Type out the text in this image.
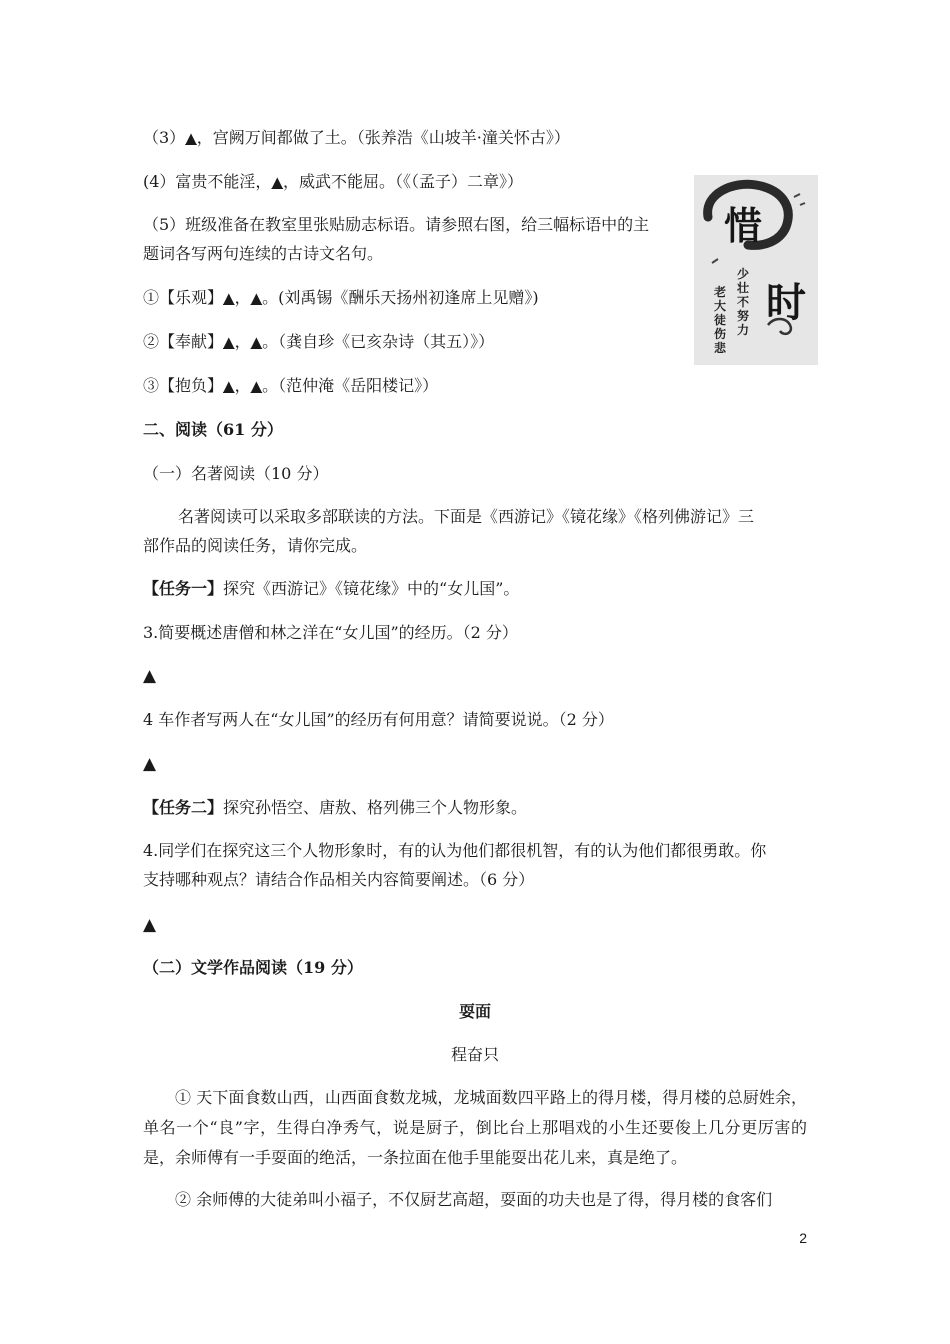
（3）▲，宫阙万间都做了土。（张养浩《山坡羊·潼关怀古》）
(4）富贵不能淫，▲，威武不能屈。（《（孟子）二章》）
（5）班级准备在教室里张贴励志标语。请参照右图，给三幅标语中的主
题词各写两句连续的古诗文名句。
①【乐观】▲，▲。(刘禹锡《酬乐天扬州初逢席上见赠》)
②【奉献】▲，▲。（龚自珍《已亥杂诗（其五）》）
③【抱负】▲，▲。（范仲淹《岳阳楼记》）
惜
时
少壮不努力
老大徒伤悲
二、阅读（61 分）
（一）名著阅读（10 分）
名著阅读可以采取多部联读的方法。下面是《西游记》《镜花缘》《格列佛游记》三
部作品的阅读任务，请你完成。
【任务一】探究《西游记》《镜花缘》中的“女儿国”。
3.简要概述唐僧和林之洋在“女儿国”的经历。（2 分）
▲
4 车作者写两人在“女儿国”的经历有何用意？请简要说说。（2 分）
▲
【任务二】探究孙悟空、唐敖、格列佛三个人物形象。
4.同学们在探究这三个人物形象时，有的认为他们都很机智，有的认为他们都很勇敢。你
支持哪种观点？请结合作品相关内容简要阐述。（6 分）
▲
（二）文学作品阅读（19 分）
耍面
程奋只
① 天下面食数山西，山西面食数龙城，龙城面数四平路上的得月楼，得月楼的总厨姓余，单名一个“良”字，生得白净秀气，说是厨子，倒比台上那唱戏的小生还要俊上几分更厉害的是，余师傅有一手耍面的绝活，一条拉面在他手里能耍出花儿来，真是绝了。
② 余师傅的大徒弟叫小福子，不仅厨艺高超，耍面的功夫也是了得，得月楼的食客们
2
